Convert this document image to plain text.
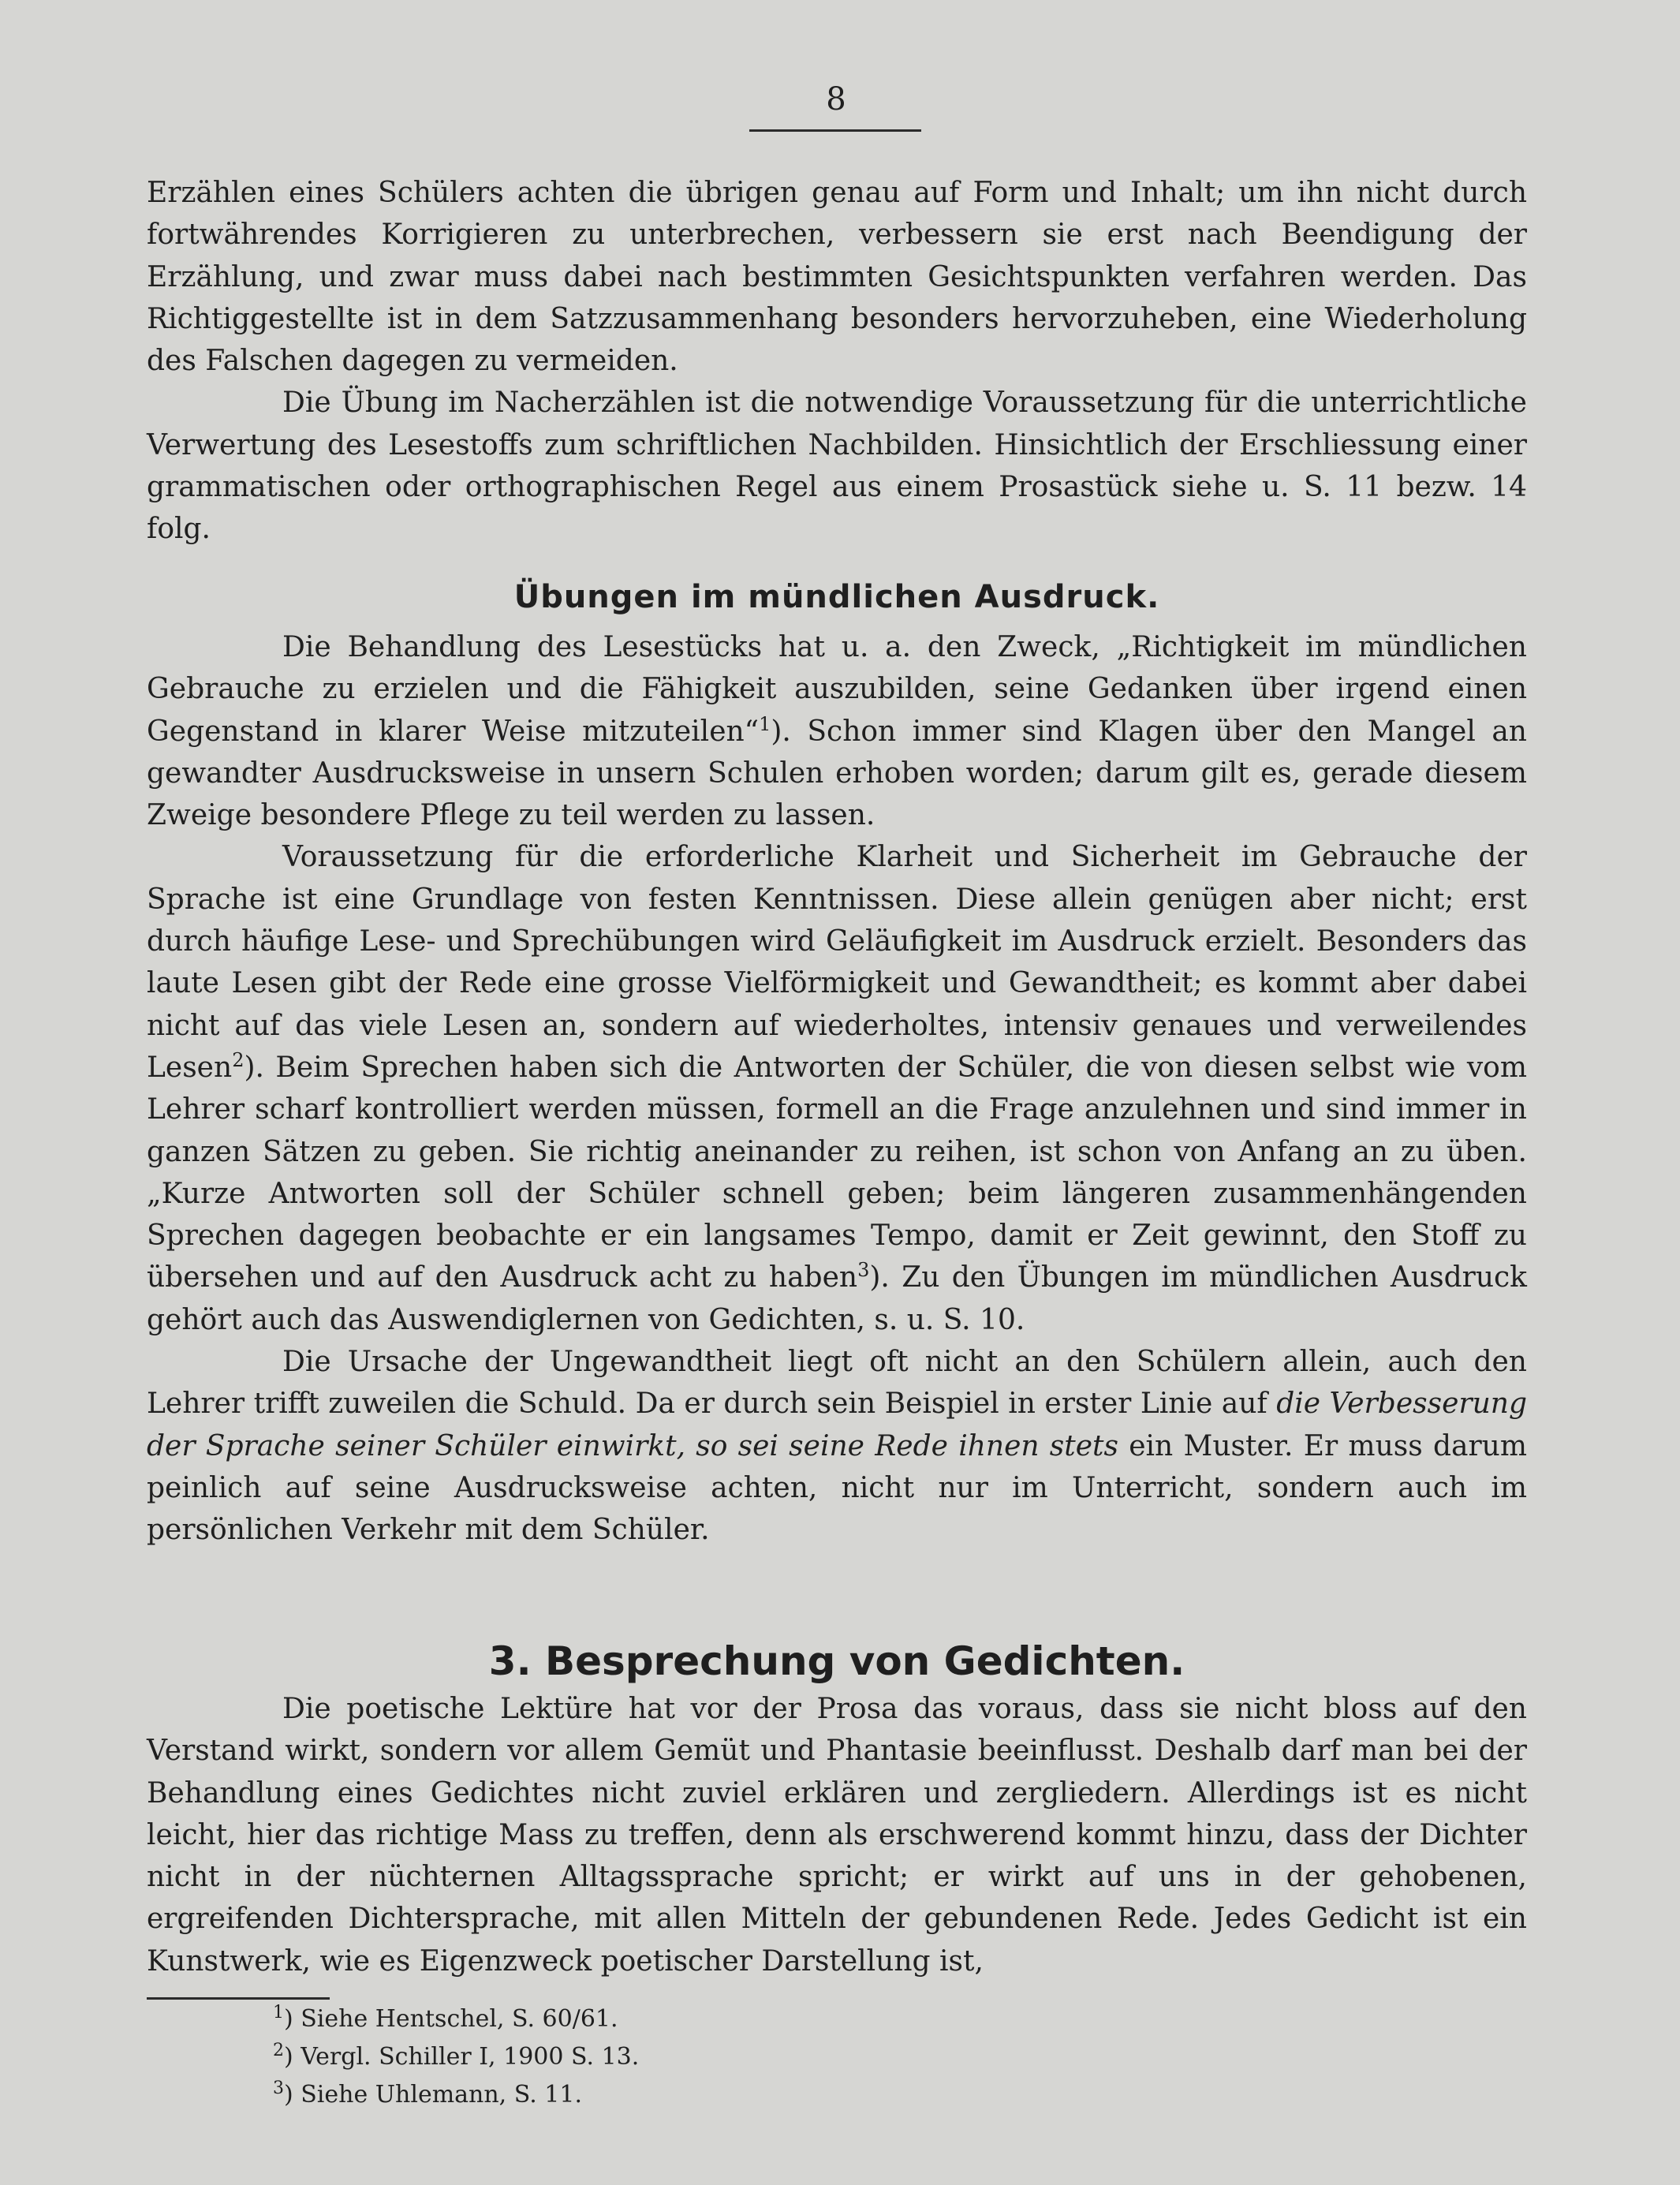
8

Erzählen eines Schülers achten die übrigen genau auf Form und Inhalt; um ihn nicht durch fortwährendes Korrigieren zu unterbrechen, verbessern sie erst nach Beendigung der Erzählung, und zwar muss dabei nach bestimmten Gesichtspunkten verfahren werden. Das Richtiggestellte ist in dem Satzzusammenhang besonders hervorzuheben, eine Wiederholung des Falschen dagegen zu vermeiden.

Die Übung im Nacherzählen ist die notwendige Voraussetzung für die unterrichtliche Verwertung des Lesestoffs zum schriftlichen Nachbilden. Hinsichtlich der Erschliessung einer grammatischen oder orthographischen Regel aus einem Prosastück siehe u. S. 11 bezw. 14 folg.

Übungen im mündlichen Ausdruck.

Die Behandlung des Lesestücks hat u. a. den Zweck, „Richtigkeit im mündlichen Gebrauche zu erzielen und die Fähigkeit auszubilden, seine Gedanken über irgend einen Gegenstand in klarer Weise mitzuteilen“$^1$). Schon immer sind Klagen über den Mangel an gewandter Ausdrucksweise in unsern Schulen erhoben worden; darum gilt es, gerade diesem Zweige besondere Pflege zu teil werden zu lassen.

Voraussetzung für die erforderliche Klarheit und Sicherheit im Gebrauche der Sprache ist eine Grundlage von festen Kenntnissen. Diese allein genügen aber nicht; erst durch häufige Lese- und Sprechübungen wird Geläufigkeit im Ausdruck erzielt. Besonders das laute Lesen gibt der Rede eine grosse Vielförmigkeit und Gewandtheit; es kommt aber dabei nicht auf das viele Lesen an, sondern auf wiederholtes, intensiv genaues und verweilendes Lesen$^2$). Beim Sprechen haben sich die Antworten der Schüler, die von diesen selbst wie vom Lehrer scharf kontrolliert werden müssen, formell an die Frage anzulehnen und sind immer in ganzen Sätzen zu geben. Sie richtig aneinander zu reihen, ist schon von Anfang an zu üben. „Kurze Antworten soll der Schüler schnell geben; beim längeren zusammenhängenden Sprechen dagegen beobachte er ein langsames Tempo, damit er Zeit gewinnt, den Stoff zu übersehen und auf den Ausdruck acht zu haben$^3$). Zu den Übungen im mündlichen Ausdruck gehört auch das Auswendiglernen von Gedichten, s. u. S. 10.

Die Ursache der Ungewandtheit liegt oft nicht an den Schülern allein, auch den Lehrer trifft zuweilen die Schuld. Da er durch sein Beispiel in erster Linie auf die Verbesserung der Sprache seiner Schüler einwirkt, so sei seine Rede ihnen stets ein Muster. Er muss darum peinlich auf seine Ausdrucksweise achten, nicht nur im Unterricht, sondern auch im persönlichen Verkehr mit dem Schüler.

3. Besprechung von Gedichten.

Die poetische Lektüre hat vor der Prosa das voraus, dass sie nicht bloss auf den Verstand wirkt, sondern vor allem Gemüt und Phantasie beeinflusst. Deshalb darf man bei der Behandlung eines Gedichtes nicht zuviel erklären und zergliedern. Allerdings ist es nicht leicht, hier das richtige Mass zu treffen, denn als erschwerend kommt hinzu, dass der Dichter nicht in der nüchternen Alltagssprache spricht; er wirkt auf uns in der gehobenen, ergreifenden Dichtersprache, mit allen Mitteln der gebundenen Rede. Jedes Gedicht ist ein Kunstwerk, wie es Eigenzweck poetischer Darstellung ist,

$^1$) Siehe Hentschel, S. 60/61.
$^2$) Vergl. Schiller I, 1900 S. 13.
$^3$) Siehe Uhlemann, S. 11.
